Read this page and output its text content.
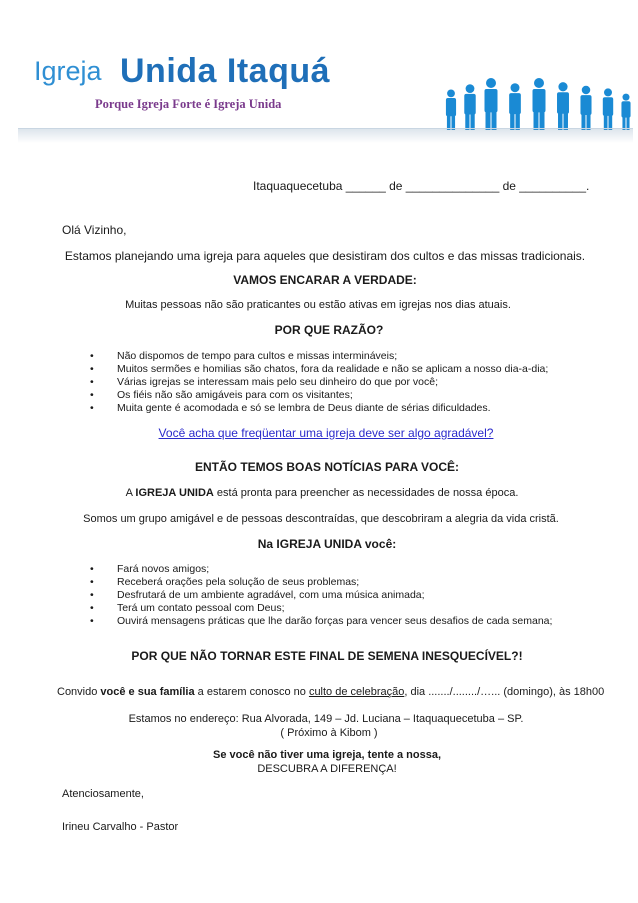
Igreja Unida Itaquá
Porque Igreja Forte é Igreja Unida
Itaquaquecetuba ______ de ______________ de __________.
Olá Vizinho,
Estamos planejando uma igreja para aqueles que desistiram dos cultos e das missas tradicionais.
VAMOS ENCARAR A VERDADE:
Muitas pessoas não são praticantes ou estão ativas em igrejas nos dias atuais.
POR QUE RAZÃO?
• Não dispomos de tempo para cultos e missas intermináveis;
• Muitos sermões e homilias são chatos, fora da realidade e não se aplicam a nosso dia-a-dia;
• Várias igrejas se interessam mais pelo seu dinheiro do que por você;
• Os fiéis não são amigáveis para com os visitantes;
• Muita gente é acomodada e só se lembra de Deus diante de sérias dificuldades.
Você acha que freqüentar uma igreja deve ser algo agradável?
ENTÃO TEMOS BOAS NOTÍCIAS PARA VOCÊ:
A IGREJA UNIDA está pronta para preencher as necessidades de nossa época.
Somos um grupo amigável e de pessoas descontraídas, que descobriram a alegria da vida cristã.
Na IGREJA UNIDA você:
• Fará novos amigos;
• Receberá orações pela solução de seus problemas;
• Desfrutará de um ambiente agradável, com uma música animada;
• Terá um contato pessoal com Deus;
• Ouvirá mensagens práticas que lhe darão forças para vencer seus desafios de cada semana;
POR QUE NÃO TORNAR ESTE FINAL DE SEMENA INESQUECÍVEL?!
Convido você e sua família a estarem conosco no culto de celebração, dia ......./......../…... (domingo), às 18h00
Estamos no endereço: Rua Alvorada, 149 – Jd. Luciana – Itaquaquecetuba – SP.
( Próximo à Kibom )
Se você não tiver uma igreja, tente a nossa,
DESCUBRA A DIFERENÇA!
Atenciosamente,
Irineu Carvalho - Pastor
